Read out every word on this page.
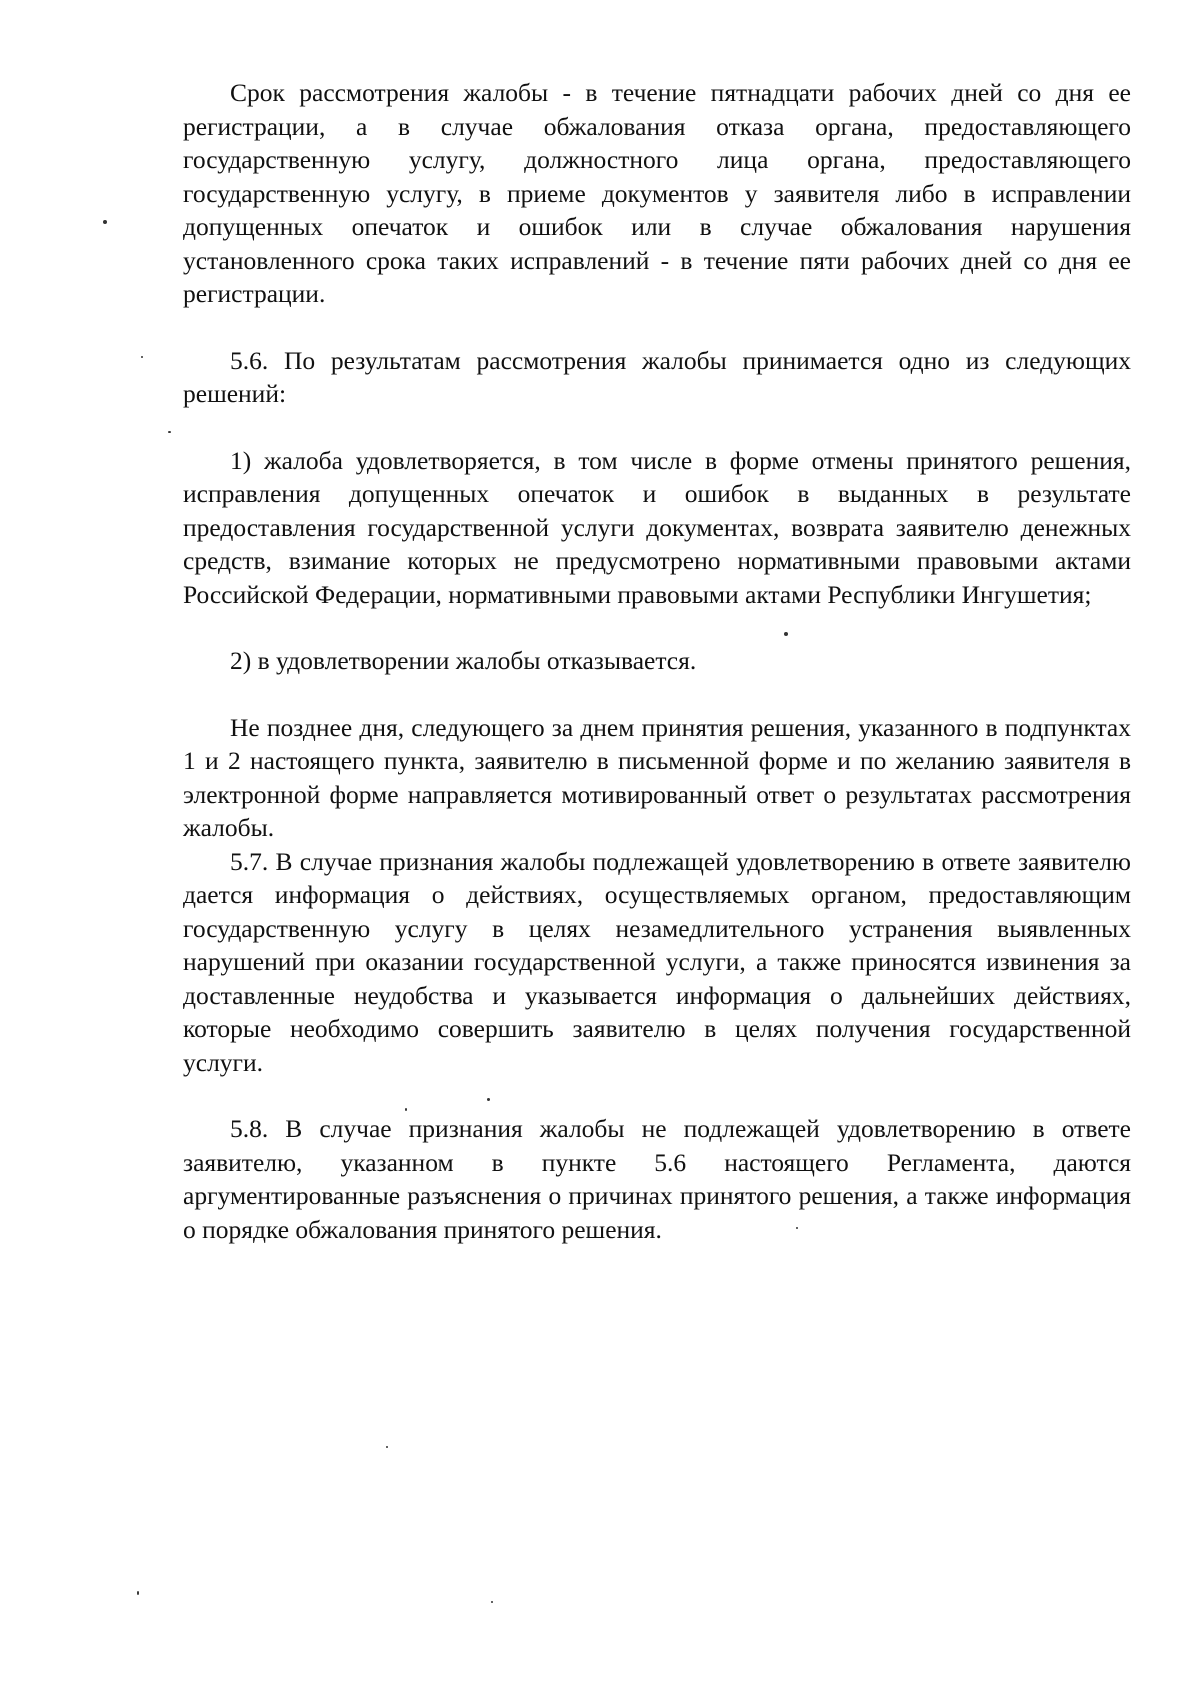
Срок рассмотрения жалобы - в течение пятнадцати рабочих дней со дня ее регистрации, а в случае обжалования отказа органа, предоставляющего государственную услугу, должностного лица органа, предоставляющего государственную услугу, в приеме документов у заявителя либо в исправлении допущенных опечаток и ошибок или в случае обжалования нарушения установленного срока таких исправлений - в течение пяти рабочих дней со дня ее регистрации.

5.6. По результатам рассмотрения жалобы принимается одно из следующих решений:

1) жалоба удовлетворяется, в том числе в форме отмены принятого решения, исправления допущенных опечаток и ошибок в выданных в результате предоставления государственной услуги документах, возврата заявителю денежных средств, взимание которых не предусмотрено нормативными правовыми актами Российской Федерации, нормативными правовыми актами Республики Ингушетия;

2) в удовлетворении жалобы отказывается.

Не позднее дня, следующего за днем принятия решения, указанного в подпунктах 1 и 2 настоящего пункта, заявителю в письменной форме и по желанию заявителя в электронной форме направляется мотивированный ответ о результатах рассмотрения жалобы.

5.7. В случае признания жалобы подлежащей удовлетворению в ответе заявителю дается информация о действиях, осуществляемых органом, предоставляющим государственную услугу в целях незамедлительного устранения выявленных нарушений при оказании государственной услуги, а также приносятся извинения за доставленные неудобства и указывается информация о дальнейших действиях, которые необходимо совершить заявителю в целях получения государственной услуги.

5.8. В случае признания жалобы не подлежащей удовлетворению в ответе заявителю, указанном в пункте 5.6 настоящего Регламента, даются аргументированные разъяснения о причинах принятого решения, а также информация о порядке обжалования принятого решения.
